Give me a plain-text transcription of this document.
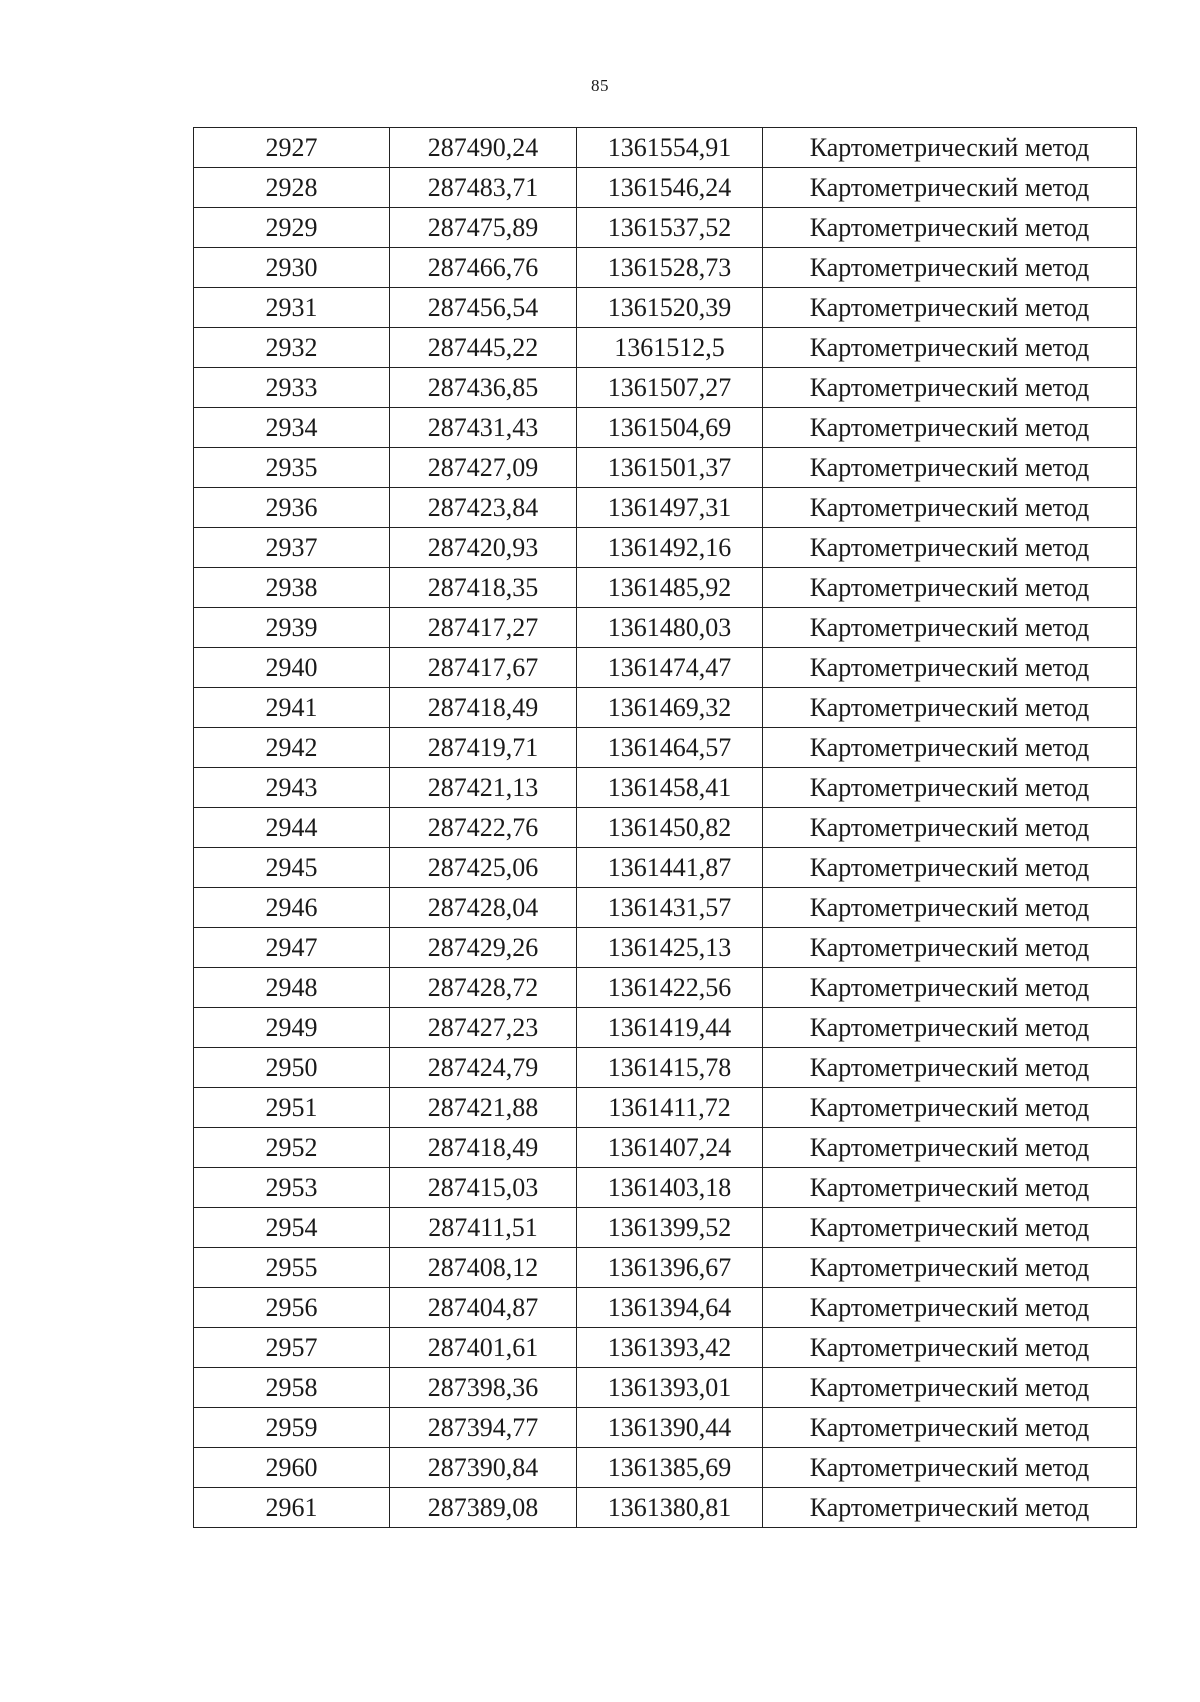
85
2927	287490,24	1361554,91	Картометрический метод
2928	287483,71	1361546,24	Картометрический метод
2929	287475,89	1361537,52	Картометрический метод
2930	287466,76	1361528,73	Картометрический метод
2931	287456,54	1361520,39	Картометрический метод
2932	287445,22	1361512,5	Картометрический метод
2933	287436,85	1361507,27	Картометрический метод
2934	287431,43	1361504,69	Картометрический метод
2935	287427,09	1361501,37	Картометрический метод
2936	287423,84	1361497,31	Картометрический метод
2937	287420,93	1361492,16	Картометрический метод
2938	287418,35	1361485,92	Картометрический метод
2939	287417,27	1361480,03	Картометрический метод
2940	287417,67	1361474,47	Картометрический метод
2941	287418,49	1361469,32	Картометрический метод
2942	287419,71	1361464,57	Картометрический метод
2943	287421,13	1361458,41	Картометрический метод
2944	287422,76	1361450,82	Картометрический метод
2945	287425,06	1361441,87	Картометрический метод
2946	287428,04	1361431,57	Картометрический метод
2947	287429,26	1361425,13	Картометрический метод
2948	287428,72	1361422,56	Картометрический метод
2949	287427,23	1361419,44	Картометрический метод
2950	287424,79	1361415,78	Картометрический метод
2951	287421,88	1361411,72	Картометрический метод
2952	287418,49	1361407,24	Картометрический метод
2953	287415,03	1361403,18	Картометрический метод
2954	287411,51	1361399,52	Картометрический метод
2955	287408,12	1361396,67	Картометрический метод
2956	287404,87	1361394,64	Картометрический метод
2957	287401,61	1361393,42	Картометрический метод
2958	287398,36	1361393,01	Картометрический метод
2959	287394,77	1361390,44	Картометрический метод
2960	287390,84	1361385,69	Картометрический метод
2961	287389,08	1361380,81	Картометрический метод
